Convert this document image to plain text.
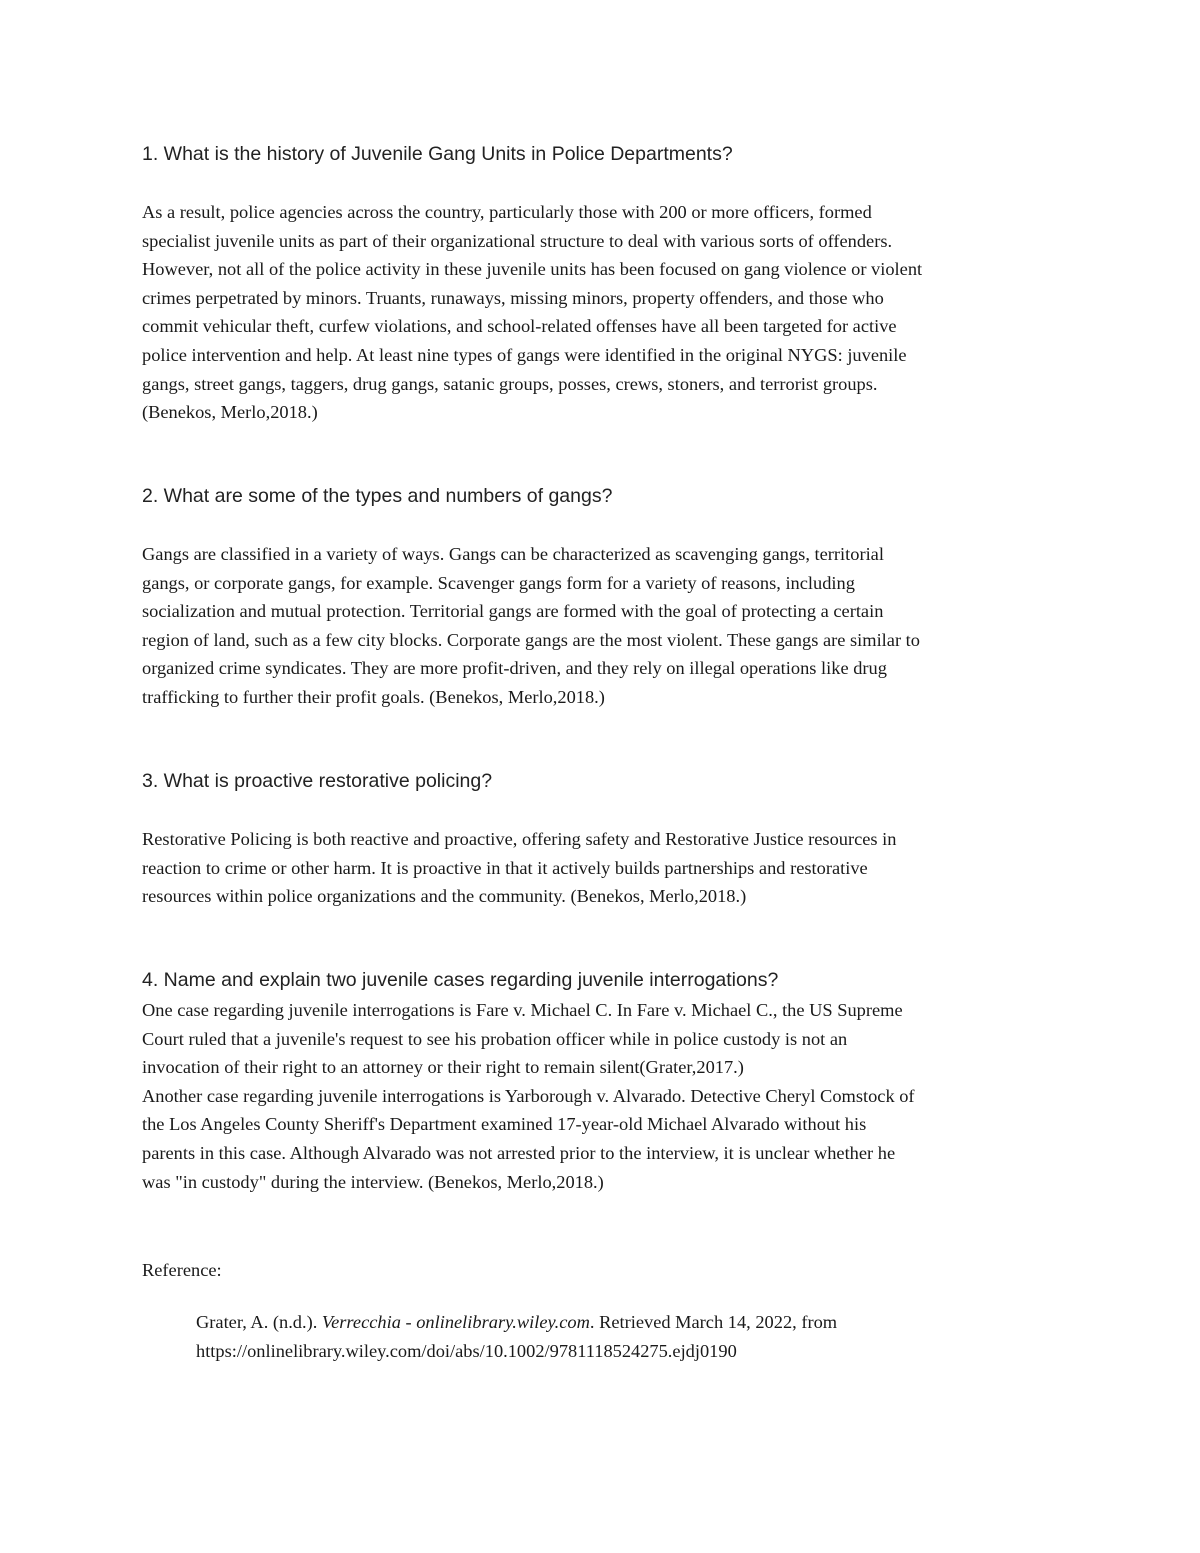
1. What is the history of Juvenile Gang Units in Police Departments?
As a result, police agencies across the country, particularly those with 200 or more officers, formed
specialist juvenile units as part of their organizational structure to deal with various sorts of offenders.
However, not all of the police activity in these juvenile units has been focused on gang violence or violent
crimes perpetrated by minors. Truants, runaways, missing minors, property offenders, and those who
commit vehicular theft, curfew violations, and school-related offenses have all been targeted for active
police intervention and help. At least nine types of gangs were identified in the original NYGS: juvenile
gangs, street gangs, taggers, drug gangs, satanic groups, posses, crews, stoners, and terrorist groups.
(Benekos, Merlo,2018.)
2. What are some of the types and numbers of gangs?
Gangs are classified in a variety of ways. Gangs can be characterized as scavenging gangs, territorial
gangs, or corporate gangs, for example. Scavenger gangs form for a variety of reasons, including
socialization and mutual protection. Territorial gangs are formed with the goal of protecting a certain
region of land, such as a few city blocks. Corporate gangs are the most violent. These gangs are similar to
organized crime syndicates. They are more profit-driven, and they rely on illegal operations like drug
trafficking to further their profit goals. (Benekos, Merlo,2018.)
3. What is proactive restorative policing?
Restorative Policing is both reactive and proactive, offering safety and Restorative Justice resources in
reaction to crime or other harm. It is proactive in that it actively builds partnerships and restorative
resources within police organizations and the community. (Benekos, Merlo,2018.)
4. Name and explain two juvenile cases regarding juvenile interrogations?
One case regarding juvenile interrogations is Fare v. Michael C. In Fare v. Michael C., the US Supreme
Court ruled that a juvenile's request to see his probation officer while in police custody is not an
invocation of their right to an attorney or their right to remain silent(Grater,2017.)
Another case regarding juvenile interrogations is Yarborough v. Alvarado. Detective Cheryl Comstock of
the Los Angeles County Sheriff's Department examined 17-year-old Michael Alvarado without his
parents in this case. Although Alvarado was not arrested prior to the interview, it is unclear whether he
was "in custody" during the interview. (Benekos, Merlo,2018.)
Reference:
Grater, A. (n.d.). Verrecchia - onlinelibrary.wiley.com. Retrieved March 14, 2022, from
https://onlinelibrary.wiley.com/doi/abs/10.1002/9781118524275.ejdj0190
